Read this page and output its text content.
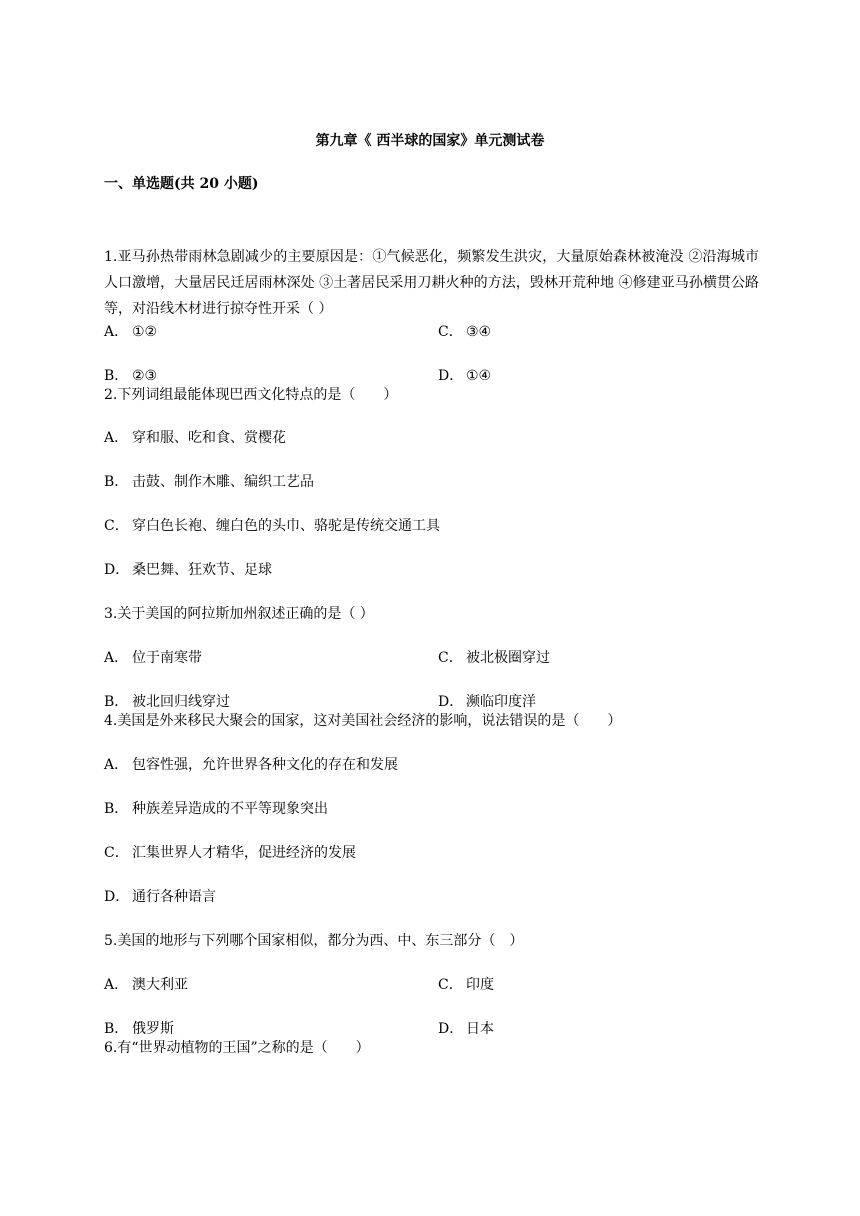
第九章《 西半球的国家》单元测试卷
一、单选题(共 20 小题)
1.亚马孙热带雨林急剧减少的主要原因是：①气候恶化，频繁发生洪灾，大量原始森林被淹没 ②沿海城市人口激增，大量居民迁居雨林深处 ③土著居民采用刀耕火种的方法，毁林开荒种地 ④修建亚马孙横贯公路等，对沿线木材进行掠夺性开采（ ）
A． ①②	C． ③④
B． ②③	D． ①④
2.下列词组最能体现巴西文化特点的是（　　）
A． 穿和服、吃和食、赏樱花
B． 击鼓、制作木雕、编织工艺品
C． 穿白色长袍、缠白色的头巾、骆驼是传统交通工具
D． 桑巴舞、狂欢节、足球
3.关于美国的阿拉斯加州叙述正确的是（ ）
A． 位于南寒带	C． 被北极圈穿过
B． 被北回归线穿过	D． 濒临印度洋
4.美国是外来移民大聚会的国家，这对美国社会经济的影响，说法错误的是（　　）
A． 包容性强，允许世界各种文化的存在和发展
B． 种族差异造成的不平等现象突出
C． 汇集世界人才精华，促进经济的发展
D． 通行各种语言
5.美国的地形与下列哪个国家相似，都分为西、中、东三部分（　）
A． 澳大利亚	C． 印度
B． 俄罗斯	D． 日本
6.有“世界动植物的王国”之称的是（　　）
